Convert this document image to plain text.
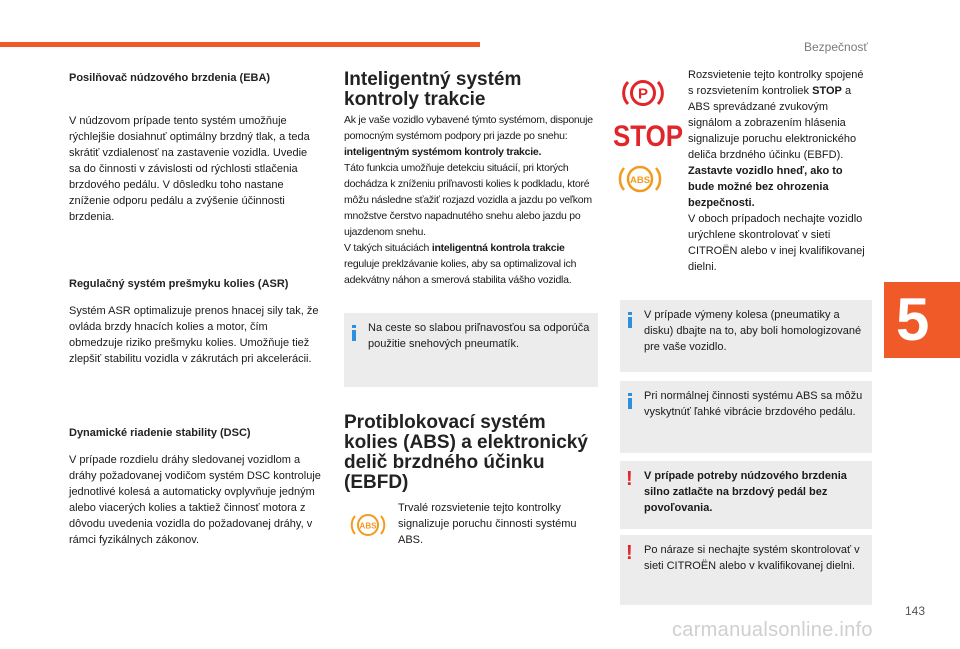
Bezpečnosť
5
143
carmanualsonline.info
Posilňovač núdzového brzdenia (EBA)

V núdzovom prípade tento systém umožňuje rýchlejšie dosiahnuť optimálny brzdný tlak, a teda skrátiť vzdialenosť na zastavenie vozidla. Uvedie sa do činnosti v závislosti od rýchlosti stlačenia brzdového pedálu. V dôsledku toho nastane zníženie odporu pedálu a zvýšenie účinnosti brzdenia.

Regulačný systém prešmyku kolies (ASR)

Systém ASR optimalizuje prenos hnacej sily tak, že ovláda brzdy hnacích kolies a motor, čím obmedzuje riziko prešmyku kolies. Umožňuje tiež zlepšiť stabilitu vozidla v zákrutách pri akcelerácii.

Dynamické riadenie stability (DSC)

V prípade rozdielu dráhy sledovanej vozidlom a dráhy požadovanej vodičom systém DSC kontroluje jednotlivé kolesá a automaticky ovplyvňuje jedným alebo viacerých kolies a taktiež činnosť motora z dôvodu uvedenia vozidla do požadovanej dráhy, v rámci fyzikálnych zákonov.

Inteligentný systém kontroly trakcie

Ak je vaše vozidlo vybavené týmto systémom, disponuje pomocným systémom podpory pri jazde po snehu: inteligentným systémom kontroly trakcie.
Táto funkcia umožňuje detekciu situácií, pri ktorých dochádza k zníženiu priľnavosti kolies k podkladu, ktoré môžu následne sťažiť rozjazd vozidla a jazdu po veľkom množstve čerstvo napadnutého snehu alebo jazdu po ujazdenom snehu.
V takých situáciách inteligentná kontrola trakcie reguluje preklzávanie kolies, aby sa optimalizoval ich adekvátny náhon a smerová stabilita vášho vozidla.

Na ceste so slabou priľnavosťou sa odporúča použitie snehových pneumatík.
Protiblokovací systém kolies (ABS) a elektronický delič brzdného účinku (EBFD)
ABS

Trvalé rozsvietenie tejto kontrolky signalizuje poruchu činnosti systému ABS.

P
STOP
ABS

Rozsvietenie tejto kontrolky spojené s rozsvietením kontroliek STOP a ABS sprevádzané zvukovým signálom a zobrazením hlásenia signalizuje poruchu elektronického deliča brzdného účinku (EBFD).
Zastavte vozidlo hneď, ako to bude možné bez ohrozenia bezpečnosti.
V oboch prípadoch nechajte vozidlo urýchlene skontrolovať v sieti CITROËN alebo v inej kvalifikovanej dielni.

V prípade výmeny kolesa (pneumatiky a disku) dbajte na to, aby boli homologizované pre vaše vozidlo.
Pri normálnej činnosti systému ABS sa môžu vyskytnúť ľahké vibrácie brzdového pedálu.
! V prípade potreby núdzového brzdenia silno zatlačte na brzdový pedál bez povoľovania.
! Po náraze si nechajte systém skontrolovať v sieti CITROËN alebo v kvalifikovanej dielni.
